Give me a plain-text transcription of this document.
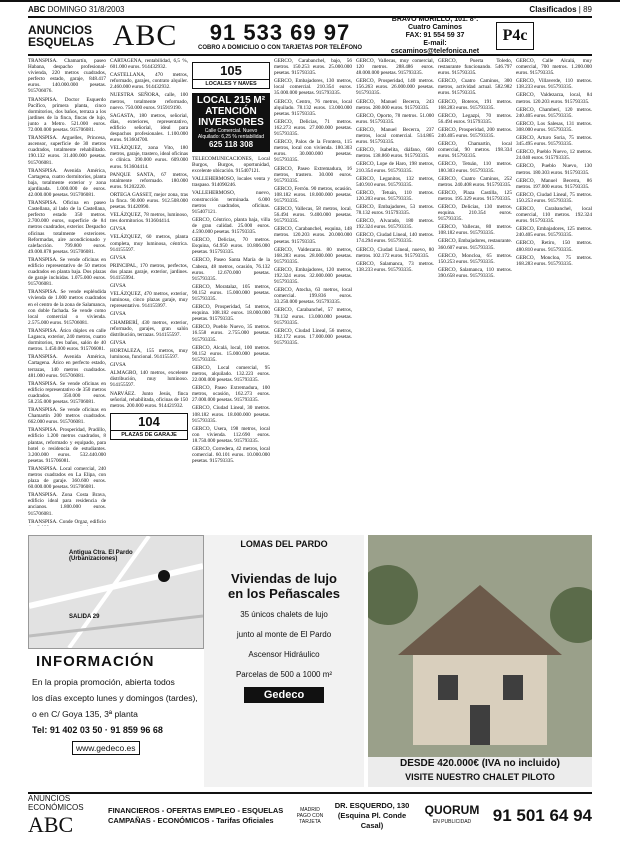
ABC DOMINGO 31/8/2003	Clasificados | 89
ANUNCIOS
ESQUELAS ABC	91 533 69 97
COBRO A DOMICILIO O CON TARJETAS POR TELÉFONO
BRAVO MURILLO, 101. 8º.
Cuatro Caminos
FAX: 91 554 59 37
E-mail: cscaminos@telefonica.net
P4c

TRANSPISA. Chamartín, paseo Habana, despacho profesional-vivienda, 220 metros cuadrados, perfecto estado, garaje, 848.417 euros. 140.000.000 pesetas. 915706076.

TRANSPISA. Doctor Esquerdo Pacífico, primera planta, cinco dormitorios, dos baños, terraza a los jardines de la finca, fincas de lujo, junto a Metro. 521.000 euros. 72.000.000 pesetas. 915706081.

TRANSPISA. Arguelles, Princesa, ascensor, superficie de 30 metros cuadrados, totalmente rehabilitado. 190.132 euros. 31.400.000 pesetas. 915706081.

TRANSPISA. Avenida América, Cartagena, cuatro dormitorios, planta baja, totalmente exterior y zona ajardinada. 1.000.000 de euros. 42.000.000 pesetas. 915706081.

TRANSPISA. Oficina en paseo Castellana, al lado de la Castellana, perfecto estado 350 metros. 2.700.000 euros, superficie de 84 metros cuadrados, exterior. Despacho oficinas totalmente exteriores. Reformadas, aire acondicionado y calefacción. 799.800 euros. 49.000.878 pesetas. 915706081.

TRANSPISA. Se vende oficinas en edificio representativo de 50 metros cuadrados en planta baja. Dos plazas de garaje incluidas. 1.075.000 euros. 915706081.

TRANSPISA. Se vende espléndida vivienda de 1.000 metros cuadrados en el centro de la zona de Salamanca, con doble fachada. Se vende como local comercial o vivienda. 2.575.000 euros. 915706081.

TRANSPISA. Ático dúplex en calle Lagasca, exterior, 240 metros, cuatro dormitorios, tres baños, salón de 40 metros. 1.450.000 euros. 915706081.

TRANSPISA. Avenida América, Cartagena. Ático en perfecto estado, terrazas, 140 metros cuadrados. 481.000 euros. 915706081.

TRANSPISA. Se vende oficinas en edificio representativo de 350 metros cuadrados. 350.000 euros. 58.235.000 pesetas. 915706081.

TRANSPISA. Se vende oficinas en Chamartín 200 metros cuadrados. 662.000 euros. 915706081.

TRANSPISA. Prosperidad, Pradillo, edificio 1.200 metros cuadrados, 8 plantas, reformado y equipado, para hotel o residencia de estudiantes. 3.200.000 euros. 532.440.000 pesetas. 915706081.

TRANSPISA. Local comercial, 240 metros cuadrados en La Elipa, con plaza de garaje. 360.600 euros. 60.000.000 pesetas. 915706081.

TRANSPISA. Zona Costa Brava, edificio ideal para residencia de ancianos. 1.800.000 euros. 915706081.

TRANSPISA. Conde Orgaz, edificio

CARTAGENA, rentabilidad, 6,5 %, 601.000 euros. 914432932.

CASTELLANA, 470 metros, reformado, garajes, contrato alquiler. 2.460.000 euros. 914432932.

NUESTRA SEÑORA, calle, 100 metros, totalmente reformado, nuevo. 750.000 euros. 915919190.

SAGASTA, 180 metros, señorial, días, exteriores, representativo, edificio señorial, ideal para despachos profesionales. 1.100.000 euros. 913604700.

VELÁZQUEZ, zona Vito, 180 metros, garaje, trastero, ideal oficinas o clínica. 390.000 euros. 609.000 euros. 913604414.

PANQUE SANTA, 67 metros, totalmente reformado. 180.000 euros. 91202220.

ORTEGA GASSET, mejor zona, tras la finca. 90.000 euros. 912.508.000 pesetas. 91420990.

VELÁZQUEZ, 78 metros, luminoso, tres dormitorios. 913604414.

GIVSA

VELÁZQUEZ, 60 metros, planta completa, muy luminosa, céntrica. 914155597.

GIVSA

PRINCIPAL, 170 metros, perfectos, dos plazas garaje, exterior, jardines. 914155994.

GIVSA

VELÁZQUEZ, 470 metros, exterior, luminoso, cinco plazas garaje, muy representativo. 914155997.

GIVSA

CHAMBERÍ, 430 metros, exterior, reformado, garajes, gran salón distribución, terrazas. 914155597.

GIVSA

HORTALEZA, 155 metros, muy luminoso, funcional. 914155597.

GIVSA

ALMAGRO, 140 metros, excelente distribución, muy luminoso. 914155597.

NARVÁEZ. Junto Jesús, finca señorial, rehabilitada, oficinas de 150 metros. 200.000 euros. 914421932.

104
PLAZAS DE GARAJE
105
LOCALES Y NAVES
LOCAL 215 M²
ATENCIÓN INVERSORES
Calle Comercial. Nuevo
Alquilado: 6,25 % rentabilidad
625 118 308

TELECOMUNICACIONES, Local Burgos, Burgos, oportunidad, excelente ubicación. 915407121.

VALLEHERMOSO, locales venta y traspaso. 914090246.

VALLEHERMOSO, nuevo, construcción terminada. 6.000 metros cuadrados, oficinas. 915407121.

GERCO, Céntrico, planta baja, villa de gran calidad. 25.000 euros. 4.590.000 pesetas. 915793335.

GERCO, Delicias, 70 metros. Esquina, 64.950 euros. 10.806.000 pesetas. 915793335.

GERCO, Paseo Santa María de la Cabeza, 48 metros, ocasión, 76.132 euros. 12.670.000 pesetas. 915793335.

GERCO, Moratalaz, 105 metros, 90.152 euros. 15.000.000 pesetas. 915793335.

GERCO, Prosperidad, 54 metros, esquina. 108.182 euros. 18.000.000 pesetas. 915793335.

GERCO, Pueblo Nuevo, 35 metros. 16.558 euros. 2.755.000 pesetas. 915793335.

GERCO, Alcalá, local, 100 metros. 90.152 euros. 15.000.000 pesetas. 915793335.

GERCO, Local comercial, 95 metros, alquilado. 132.223 euros. 22.000.000 pesetas. 915793335.

GERCO, Paseo Extremadura, 100 metros, ocasión, 162.273 euros. 27.000.000 pesetas. 915793335.

GERCO, Ciudad Lineal, 30 metros. 108.182 euros. 18.000.000 pesetas. 915793335.

GERCO, Usera, 198 metros, local con vivienda. 112.690 euros. 18.750.000 pesetas. 915793335.

GERCO, Corredera, 42 metros, local comercial. 60.101 euros. 10.000.000 pesetas. 915793335.

GERCO, Carabanchel, bajo, 56 metros. 150.253 euros. 25.000.000 pesetas. 915793335.

GERCO, Embajadores, 130 metros, local comercial. 210.354 euros. 35.000.000 pesetas. 915793335.

GERCO, Centro, 76 metros, local alquilado. 78.132 euros. 13.000.000 pesetas. 915793335.

GERCO, Delicias, 71 metros. 162.273 euros. 27.000.000 pesetas. 915793335.

GERCO, Palos de la Frontera, 115 metros, local con vivienda. 180.303 euros. 30.000.000 pesetas. 915793335.

GERCO, Paseo Extremadura, 16 metros, trastero. 30.000 euros. 915793335.

GERCO, Ferrón. 90 metros, ocasión. 108.182 euros. 18.000.000 pesetas. 915793335.

GERCO, Vallecas, 58 metros, local. 56.494 euros. 9.400.000 pesetas. 915793335.

GERCO, Carabanchel, esquina, 148 metros. 120.203 euros. 20.000.000 pesetas. 915793335.

GERCO, Valdezarza. 80 metros, 168.283 euros. 28.000.000 pesetas. 915793335.

GERCO, Embajadores, 120 metros, 192.324 euros. 32.000.000 pesetas. 915793335.

GERCO, Atocha, 63 metros, local comercial. 199.836 euros. 33.250.000 pesetas. 915793335.

GERCO, Carabanchel, 57 metros, 78.132 euros. 13.000.000 pesetas. 915793335.

GERCO, Ciudad Lineal, 56 metros, 102.172 euros. 17.000.000 pesetas. 915793335.

GERCO, Vallecas, muy comercial, 120 metros. 288.486 euros. 48.000.000 pesetas. 915793335.

GERCO, Prosperidad, 140 metros. 156.263 euros. 26.000.000 pesetas. 915793335.

GERCO, Manuel Becerra, 243 metros. 280.000 euros. 915793335.

GERCO, Oporto, 78 metros. 51.000 euros. 915793335.

GERCO, Manuel Becerra, 237 metros, local comercial. 514.865 euros. 915793335.

GERCO, Isabelita, diáfano, 600 metros. 138.860 euros. 915793335.

GERCO, Lope de Haro, 198 metros, 210.354 euros. 915793335.

GERCO, Leganitos, 132 metros, 540.910 euros. 915793335.

GERCO, Tetuán, 110 metros. 120.203 euros. 915793335.

GERCO, Embajadores, 53 metros. 78.132 euros. 915793335.

GERCO, Alvarado, 180 metros. 192.324 euros. 915793335.

GERCO, Ciudad Lineal, 140 metros. 174.294 euros. 915793335.

GERCO, Ciudad Lineal, nuevo, 80 metros. 102.172 euros. 915793335.

GERCO, Salamanca, 73 metros. 138.233 euros. 915793335.

GERCO, Puerta Toledo, restaurante funcionando. 546.797 euros. 915793335.

GERCO, Cuatro Caminos, 300 metros, actividad actual. 582.982 euros. 915793335.

GERCO, Boteros, 191 metros. 168.283 euros. 915793335.

GERCO, Legazpi, 70 metros. 56.494 euros. 915793335.

GERCO, Prosperidad, 200 metros. 240.405 euros. 915793335.

GERCO, Chamartín, local comercial, 90 metros. 198.334 euros. 915793335.

GERCO, Tetuán, 110 metros. 180.303 euros. 915793335.

GERCO, Cuatro Caminos, 252 metros. 240.408 euros. 915793335.

GERCO, Plaza Castilla, 125 metros. 195.329 euros. 915793335.

GERCO, Delicias, 130 metros, esquina. 210.354 euros. 915793335.

GERCO, Vallecas, 80 metros. 108.182 euros. 915793335.

GERCO, Embajadores, restaurante. 360.607 euros. 915793335.

GERCO, Moncloa, 65 metros. 150.253 euros. 915793335.

GERCO, Salamanca, 110 metros. 390.658 euros. 915793335.

GERCO, Calle Alcalá, muy comercial, 700 metros. 1.200.000 euros. 915793335.

GERCO, Villaverde, 110 metros. 138.233 euros. 915793335.

GERCO, Valdezarza, local, 84 metros. 120.203 euros. 915793335.

GERCO, Chamberí, 120 metros. 240.405 euros. 915793335.

GERCO, Los Salesas, 131 metros. 308.000 euros. 915793335.

GERCO, Arturo Soria, 75 metros. 345.495 euros. 915793335.

GERCO, Pueblo Nuevo, 12 metros. 24.040 euros. 915793335.

GERCO, Pueblo Nuevo, 130 metros. 180.303 euros. 915793335.

GERCO, Manuel Becerra, 86 metros. 197.000 euros. 915793335.

GERCO, Ciudad Lineal, 75 metros. 150.253 euros. 915793335.

GERCO, Carabanchel, local comercial, 110 metros. 192.324 euros. 915793335.

GERCO, Embajadores, 125 metros. 240.405 euros. 915793335.

GERCO, Retiro, 150 metros. 480.810 euros. 915793335.

GERCO, Moncloa, 75 metros. 168.283 euros. 915793335.

Antigua Ctra. El Pardo
(Urbanizaciones)
SALIDA 29
INFORMACIÓN
En la propia promoción, abierta todos
los días excepto lunes y domingos (tardes),
o en C/ Goya 135, 3ª planta
Tel: 91 402 03 50 · 91 859 96 68
www.gedeco.es
LOMAS DEL PARDO
Viviendas de lujo
en los Peñascales
35 únicos chalets de lujo
junto al monte de El Pardo
Ascensor Hidráulico
Parcelas de 500 a 1000 m²
Gedeco
DESDE 420.000€ (IVA no incluido)
VISITE NUESTRO CHALET PILOTO
ANUNCIOS ECONÓMICOS
ABC
FINANCIEROS - OFERTAS EMPLEO - ESQUELAS
CAMPAÑAS - ECONÓMICOS - Tarifas Oficiales
MADRID
PAGO CON TARJETA
DR. ESQUERDO, 130
(Esquina Pl. Conde Casal)
QUORUM
EN PUBLICIDAD	91 501 64 94
